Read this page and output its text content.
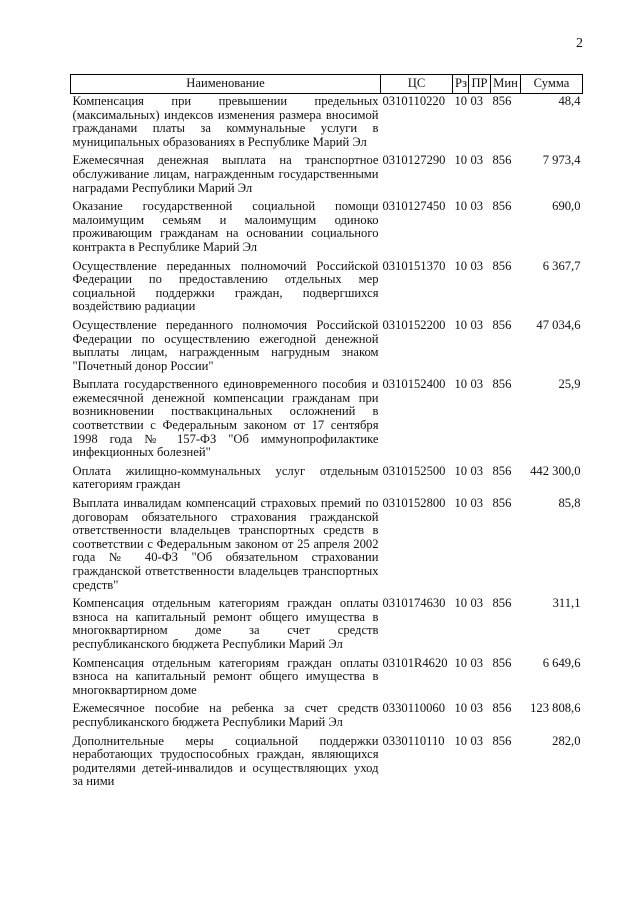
2
Наименование	ЦС	Рз	ПР	Мин	Сумма
Компенсация при превышении предельных (максимальных) индексов изменения размера вносимой гражданами платы за коммунальные услуги в муниципальных образованиях в Республике Марий Эл	0310110220	10	03	856	48,4
Ежемесячная денежная выплата на транспортное обслуживание лицам, награжденным государственными наградами Республики Марий Эл	0310127290	10	03	856	7 973,4
Оказание государственной социальной помощи малоимущим семьям и малоимущим одиноко проживающим гражданам на основании социального контракта в Республике Марий Эл	0310127450	10	03	856	690,0
Осуществление переданных полномочий Российской Федерации по предоставлению отдельных мер социальной поддержки граждан, подвергшихся воздействию радиации	0310151370	10	03	856	6 367,7
Осуществление переданного полномочия Российской Федерации по осуществлению ежегодной денежной выплаты лицам, награжденным нагрудным знаком "Почетный донор России"	0310152200	10	03	856	47 034,6
Выплата государственного единовременного пособия и ежемесячной денежной компенсации гражданам при возникновении поствакцинальных осложнений в соответствии с Федеральным законом от 17 сентября 1998 года № 157-ФЗ "Об иммунопрофилактике инфекционных болезней"	0310152400	10	03	856	25,9
Оплата жилищно-коммунальных услуг отдельным категориям граждан	0310152500	10	03	856	442 300,0
Выплата инвалидам компенсаций страховых премий по договорам обязательного страхования гражданской ответственности владельцев транспортных средств в соответствии с Федеральным законом от 25 апреля 2002 года № 40-ФЗ "Об обязательном страховании гражданской ответственности владельцев транспортных средств"	0310152800	10	03	856	85,8
Компенсация отдельным категориям граждан оплаты взноса на капитальный ремонт общего имущества в многоквартирном доме за счет средств республиканского бюджета Республики Марий Эл	0310174630	10	03	856	311,1
Компенсация отдельным категориям граждан оплаты взноса на капитальный ремонт общего имущества в многоквартирном доме	03101R4620	10	03	856	6 649,6
Ежемесячное пособие на ребенка за счет средств республиканского бюджета Республики Марий Эл	0330110060	10	03	856	123 808,6
Дополнительные меры социальной поддержки неработающих трудоспособных граждан, являющихся родителями детей-инвалидов и осуществляющих уход за ними	0330110110	10	03	856	282,0
